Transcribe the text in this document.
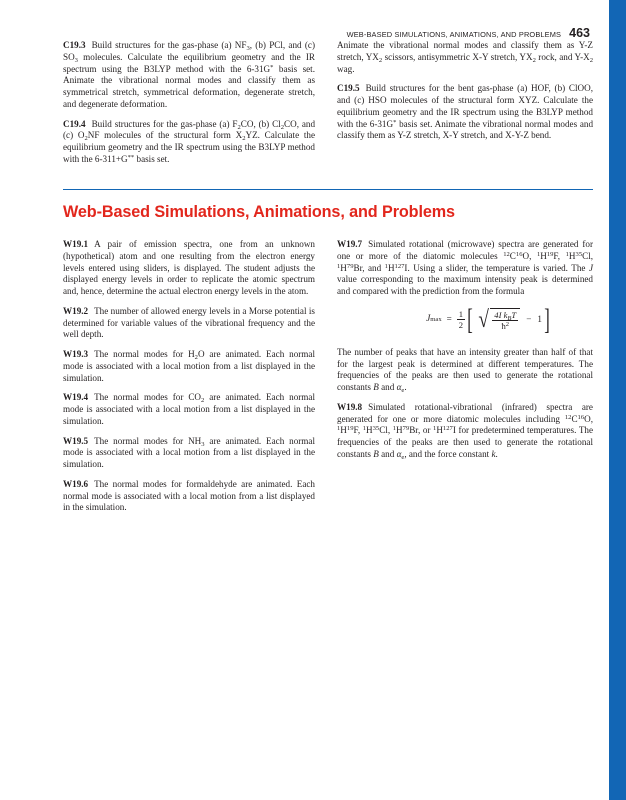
WEB-BASED SIMULATIONS, ANIMATIONS, AND PROBLEMS 463

C19.3 Build structures for the gas-phase (a) $NF_3$, (b) PCl, and (c) $SO_3$ molecules. Calculate the equilibrium geometry and the IR spectrum using the B3LYP method with the 6-31G* basis set. Animate the vibrational normal modes and classify them as symmetrical stretch, symmetrical deformation, degenerate stretch, and degenerate deformation.

C19.4 Build structures for the gas-phase (a) $F_2CO$, (b) $Cl_2CO$, and (c) $O_2NF$ molecules of the structural form $X_2YZ$. Calculate the equilibrium geometry and the IR spectrum using the B3LYP method with the 6-311+G** basis set.

Animate the vibrational normal modes and classify them as Y-Z stretch, $YX_2$ scissors, antisymmetric X-Y stretch, $YX_2$ rock, and $Y-X_2$ wag.

C19.5 Build structures for the bent gas-phase (a) HOF, (b) ClOO, and (c) HSO molecules of the structural form XYZ. Calculate the equilibrium geometry and the IR spectrum using the B3LYP method with the 6-31G* basis set. Animate the vibrational normal modes and classify them as Y-Z stretch, X-Y stretch, and X-Y-Z bend.

Web-Based Simulations, Animations, and Problems

W19.1 A pair of emission spectra, one from an unknown (hypothetical) atom and one resulting from the electron energy levels entered using sliders, is displayed. The student adjusts the displayed energy levels in order to replicate the atomic spectrum and, hence, determine the actual electron energy levels in the atom.

W19.2 The number of allowed energy levels in a Morse potential is determined for variable values of the vibrational frequency and the well depth.

W19.3 The normal modes for $H_2O$ are animated. Each normal mode is associated with a local motion from a list displayed in the simulation.

W19.4 The normal modes for $CO_2$ are animated. Each normal mode is associated with a local motion from a list displayed in the simulation.

W19.5 The normal modes for $NH_3$ are animated. Each normal mode is associated with a local motion from a list displayed in the simulation.

W19.6 The normal modes for formaldehyde are animated. Each normal mode is associated with a local motion from a list displayed in the simulation.

W19.7 Simulated rotational (microwave) spectra are generated for one or more of the diatomic molecules $^{12}C^{16}O$, $^1H^{19}F$, $^1H^{35}Cl$, $^1H^{79}Br$, and $^1H^{127}I$. Using a slider, the temperature is varied. The J value corresponding to the maximum intensity peak is determined and compared with the prediction from the formula

J $\max = \frac{1}{2}$ [ √ $\frac{4I k_BT}{ħ^2} - 1$ ]

The number of peaks that have an intensity greater than half of that for the largest peak is determined at different temperatures. The frequencies of the peaks are then used to generate the rotational constants B and $\alpha_e$.

W19.8 Simulated rotational-vibrational (infrared) spectra are generated for one or more diatomic molecules including $^{12}C^{16}O$, $^1H^{19}F$, $^1H^{35}Cl$, $^1H^{79}Br$, or $^1H^{127}I$ for predetermined temperatures. The frequencies of the peaks are then used to generate the rotational constants B and $\alpha_e$, and the force constant k.
